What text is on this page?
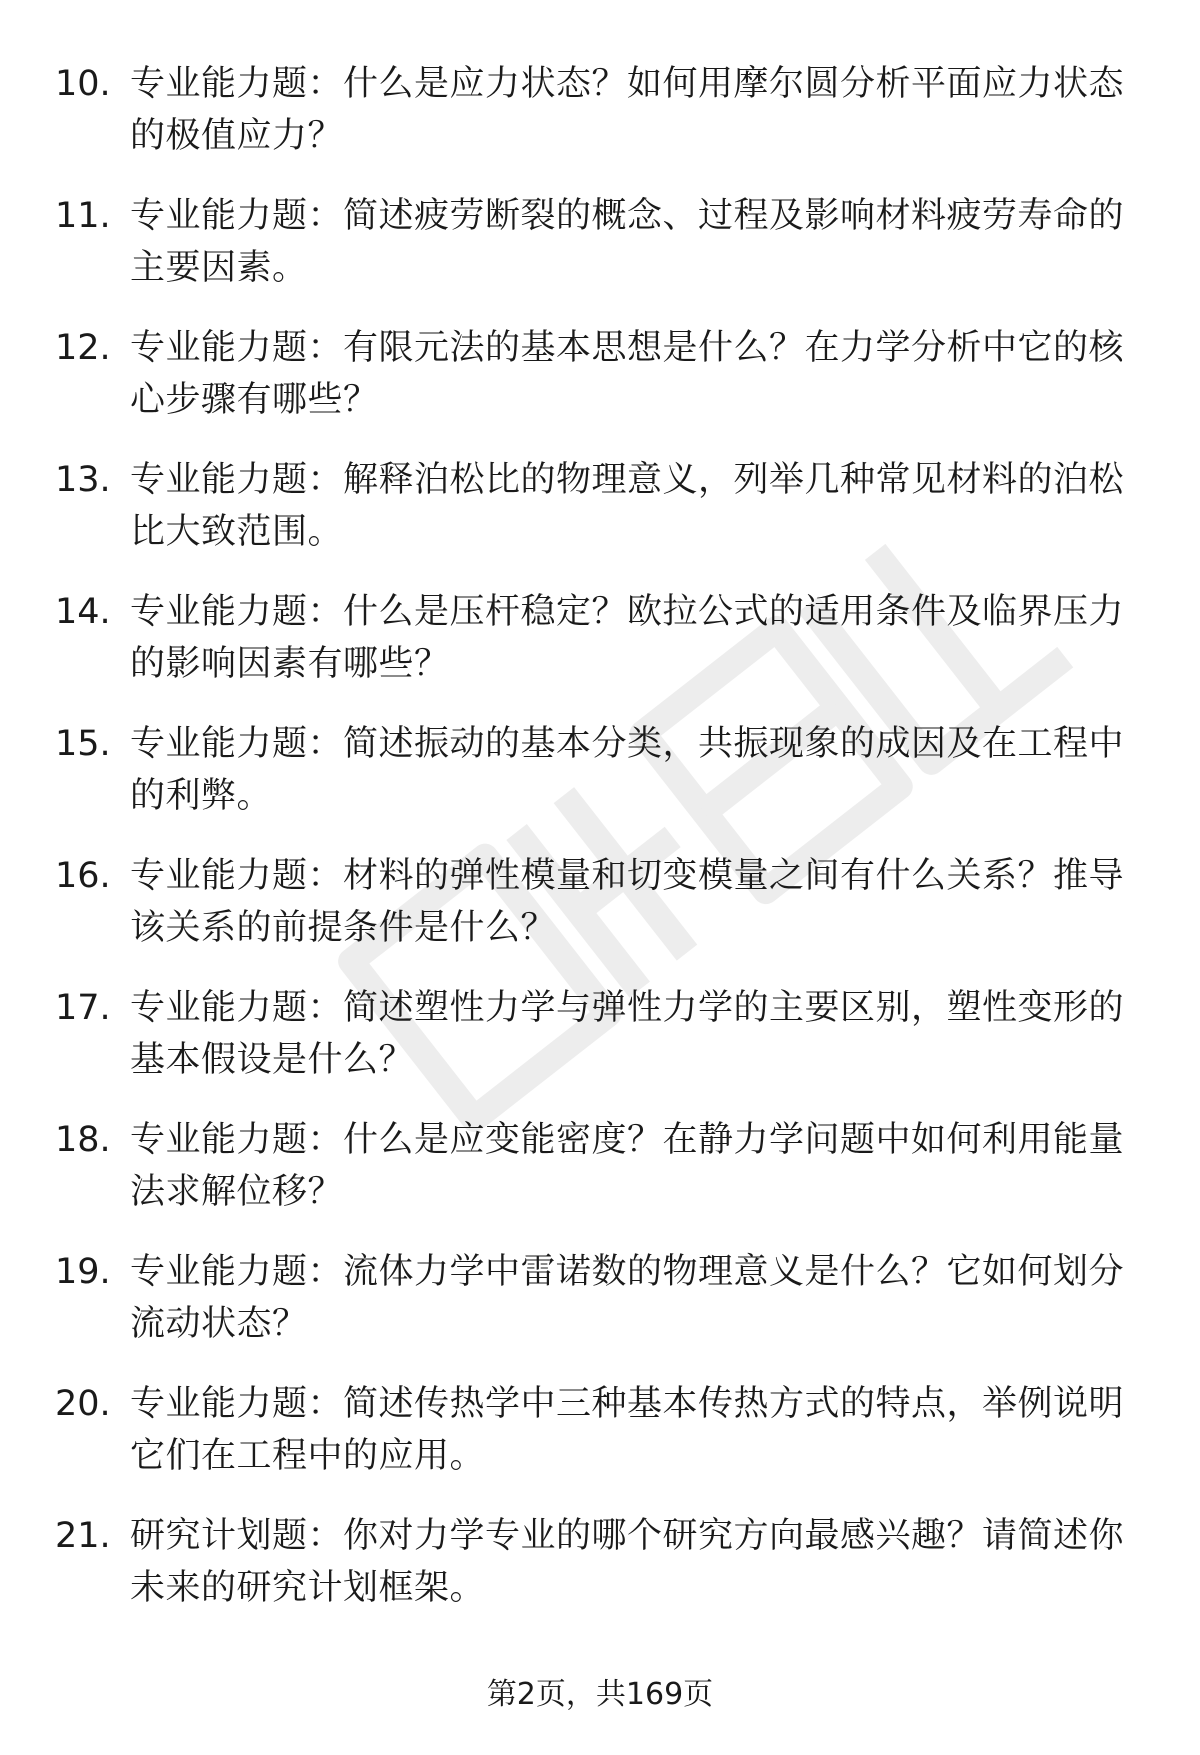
10. 专业能力题：什么是应力状态？如何用摩尔圆分析平面应力状态
的极值应力？
11. 专业能力题：简述疲劳断裂的概念、过程及影响材料疲劳寿命的
主要因素。
12. 专业能力题：有限元法的基本思想是什么？在力学分析中它的核
心步骤有哪些？
13. 专业能力题：解释泊松比的物理意义，列举几种常见材料的泊松
比大致范围。
14. 专业能力题：什么是压杆稳定？欧拉公式的适用条件及临界压力
的影响因素有哪些？
15. 专业能力题：简述振动的基本分类，共振现象的成因及在工程中
的利弊。
16. 专业能力题：材料的弹性模量和切变模量之间有什么关系？推导
该关系的前提条件是什么？
17. 专业能力题：简述塑性力学与弹性力学的主要区别，塑性变形的
基本假设是什么？
18. 专业能力题：什么是应变能密度？在静力学问题中如何利用能量
法求解位移？
19. 专业能力题：流体力学中雷诺数的物理意义是什么？它如何划分
流动状态？
20. 专业能力题：简述传热学中三种基本传热方式的特点，举例说明
它们在工程中的应用。
21. 研究计划题：你对力学专业的哪个研究方向最感兴趣？请简述你
未来的研究计划框架。
第2页，共169页
